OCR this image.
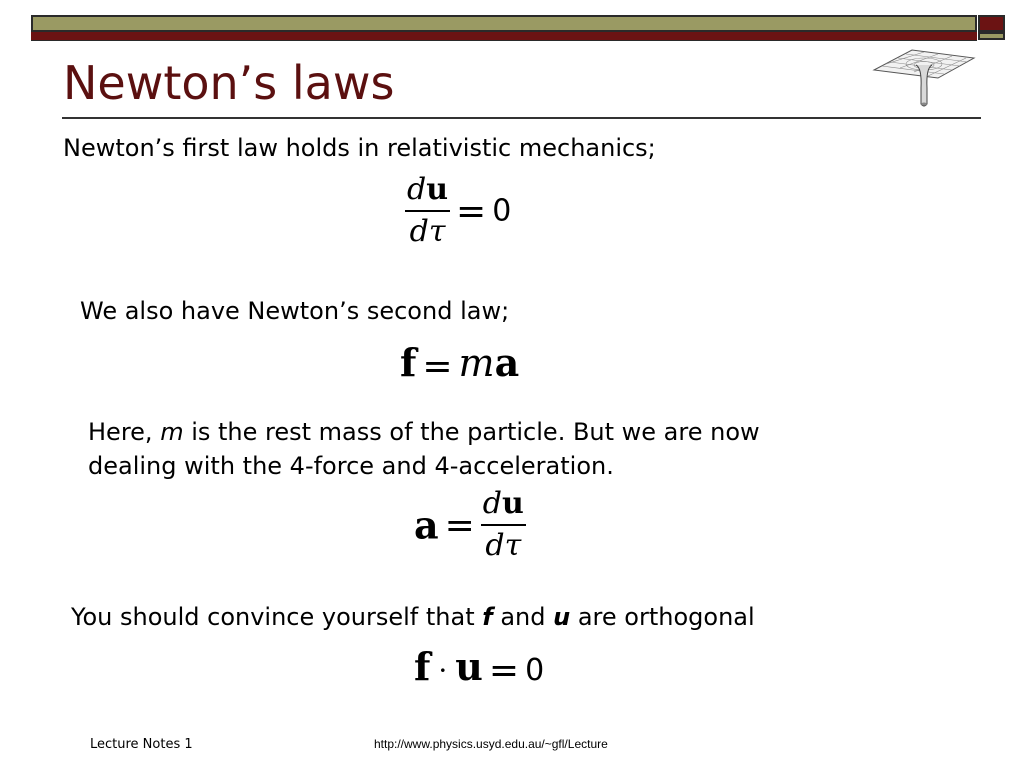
Newton’s laws
Newton’s first law holds in relativistic mechanics;
$\frac{du}{d\tau} = 0$
We also have Newton’s second law;
f = ma
Here, m is the rest mass of the particle. But we are now
dealing with the 4-force and 4-acceleration.
$a = \frac{du}{d\tau}$
You should convince yourself that f and u are orthogonal
f · u = 0
Lecture Notes 1	http://www.physics.usyd.edu.au/~gfl/Lecture
